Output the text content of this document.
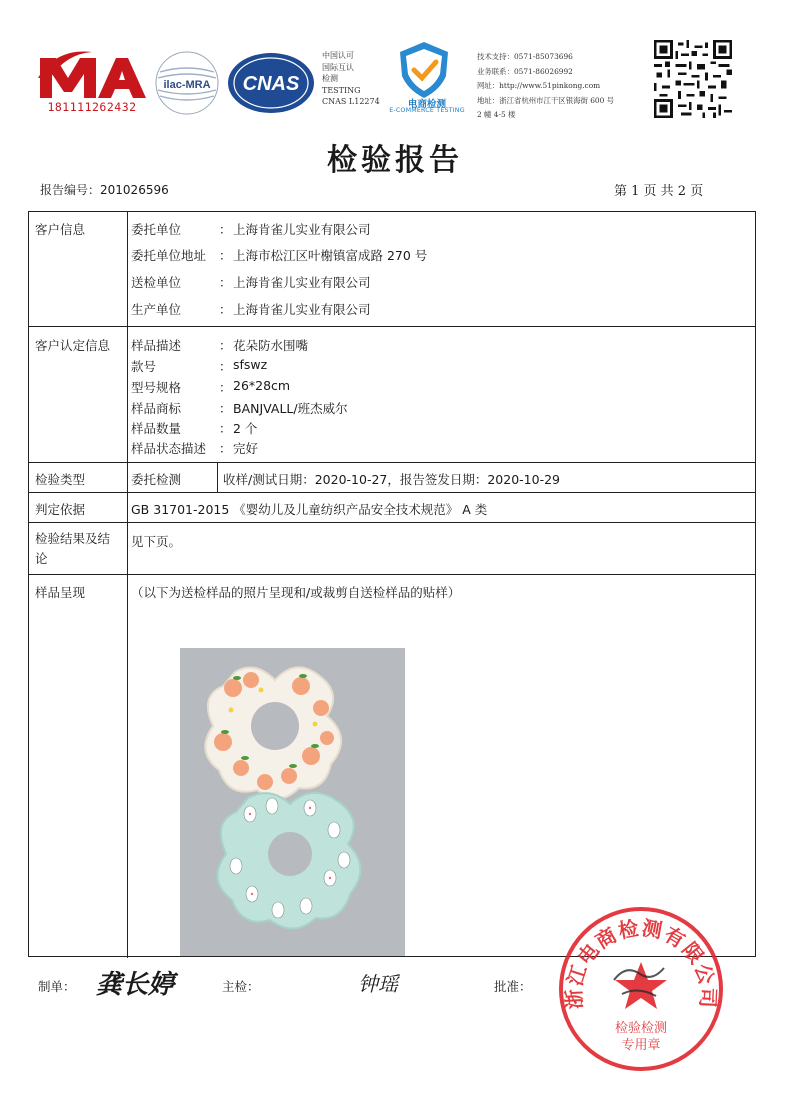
181111262432
ilac-MRA CNAS
中国认可
国际互认
检测
TESTING
CNAS L12274	电商检测
E-COMMERCE TESTING
技术支持：0571-85073696
业务联系：0571-86026992
网址：http://www.51pinkong.com
地址：浙江省杭州市江干区银海街 600 号
2 幢 4-5 楼
检验报告
报告编号：201026596	第 1 页 共 2 页
客户信息	委托单位	： 上海肯雀儿实业有限公司
委托单位地址 ： 上海市松江区叶榭镇富成路 270 号
送检单位	： 上海肯雀儿实业有限公司
生产单位	： 上海肯雀儿实业有限公司
客户认定信息 样品描述	： 花朵防水围嘴
款号	： sfswz
型号规格	： 26*28cm
样品商标	： BANJVALL/班杰威尔
样品数量	： 2 个
样品状态描述 ： 完好
检验类型	委托检测	收样/测试日期：2020-10-27，报告签发日期：2020-10-29
判定依据	GB 31701-2015 《婴幼儿及儿童纺织产品安全技术规范》 A 类
检验结果及结论
见下页。
样品呈现	（以下为送检样品的照片呈现和/或裁剪自送检样品的贴样）
制单： 龚长婷	主检：	钟瑶	批准：
浙江电商检测有限公司
检验检测
专用章
